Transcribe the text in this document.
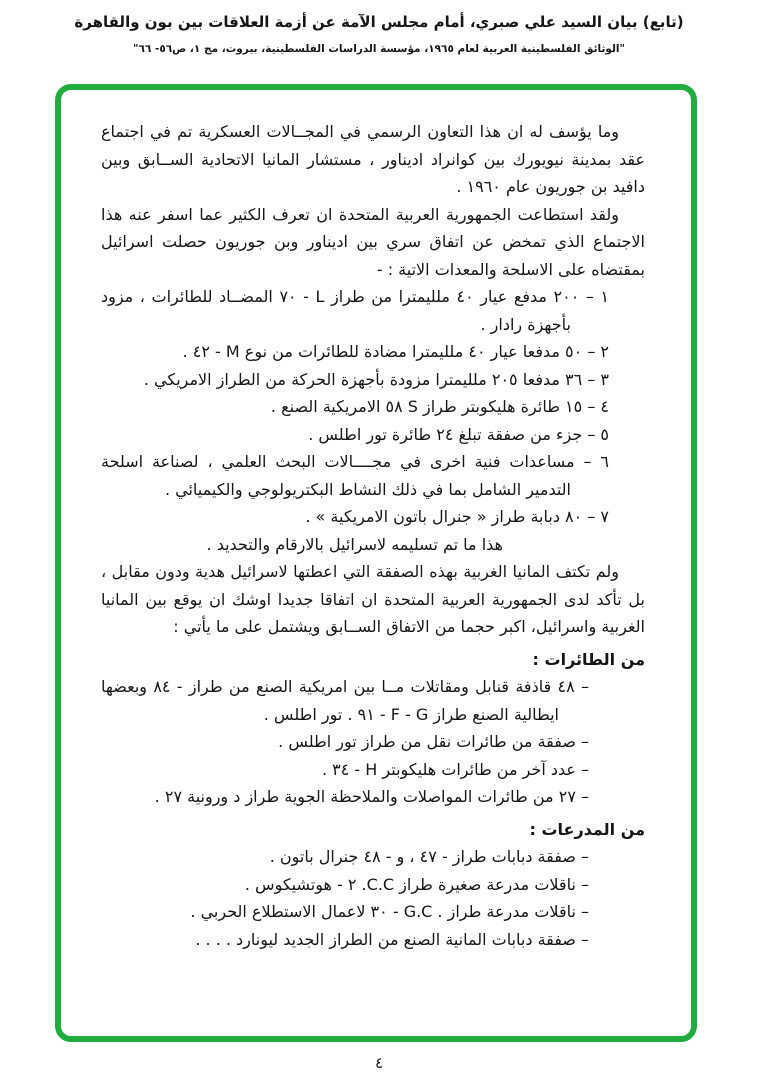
(تابع) بيان السيد علي صبري، أمام مجلس الآمة عن أزمة العلاقات بين بون والقاهرة
"الوثائق الفلسطينية العربية لعام ١٩٦٥، مؤسسة الدراسات الفلسطينية، بيروت، مج ١، ص٥٦- ٦٦"

وما يؤسف له ان هذا التعاون الرسمي في المجــالات العسكرية تم في اجتماع عقد بمدينة نيويورك بين كوانراد اديناور ، مستشار المانيا الاتحادية الســابق وبين دافيد بن جوريون عام ١٩٦٠ .

ولقد استطاعت الجمهورية العربية المتحدة ان تعرف الكثير عما اسفر عنه هذا الاجتماع الذي تمخض عن اتفاق سري بين اديناور وبن جوريون حصلت اسرائيل بمقتضاه على الاسلحة والمعدات الاتية : -

١ – ٢٠٠ مدفع عيار ٤٠ ملليمترا من طراز L - ٧٠ المضــاد للطائرات ، مزود بأجهزة رادار .
٢ – ٥٠ مدفعا عيار ٤٠ ملليمترا مضادة للطائرات من نوع M - ٤٢ .
٣ – ٣٦ مدفعا ٢٠٥ ملليمترا مزودة بأجهزة الحركة من الطراز الامريكي .
٤ – ١٥ طائرة هليكوبتر طراز S ٥٨ الامريكية الصنع .
٥ – جزء من صفقة تبلغ ٢٤ طائرة تور اطلس .
٦ – مساعدات فنية اخرى في مجــــالات البحث العلمي ، لصناعة اسلحة التدمير الشامل بما في ذلك النشاط البكتريولوجي والكيميائي .
٧ – ٨٠ دبابة طراز « جنرال باتون الامريكية » .

هذا ما تم تسليمه لاسرائيل بالارقام والتحديد .

ولم تكتف المانيا الغربية بهذه الصفقة التي اعطتها لاسرائيل هدية ودون مقابل ، بل تأكد لدى الجمهورية العربية المتحدة ان اتفاقا جديدا اوشك ان يوقع بين المانيا الغربية واسرائيل، اكبر حجما من الاتفاق الســابق ويشتمل على ما يأتي :

من الطائرات :
– ٤٨ قاذفة قنابل ومقاتلات مــا بين امريكية الصنع من طراز - ٨٤ وبعضها ايطالية الصنع طراز F - G - ٩١ . تور اطلس .
– صفقة من طائرات نقل من طراز تور اطلس .
– عدد آخر من طائرات هليكوبتر H - ٣٤ .
– ٢٧ من طائرات المواصلات والملاحظة الجوية طراز د ورونية ٢٧ .
من المدرعات :
– صفقة دبابات طراز - ٤٧ ، و - ٤٨ جنرال باتون .
– ناقلات مدرعة صغيرة طراز C.C. ٢ - هوتشيكوس .
– ناقلات مدرعة طراز . G.C - ٣٠ لاعمال الاستطلاع الحربي .
– صفقة دبابات المانية الصنع من الطراز الجديد ليونارد . . . .
٤
